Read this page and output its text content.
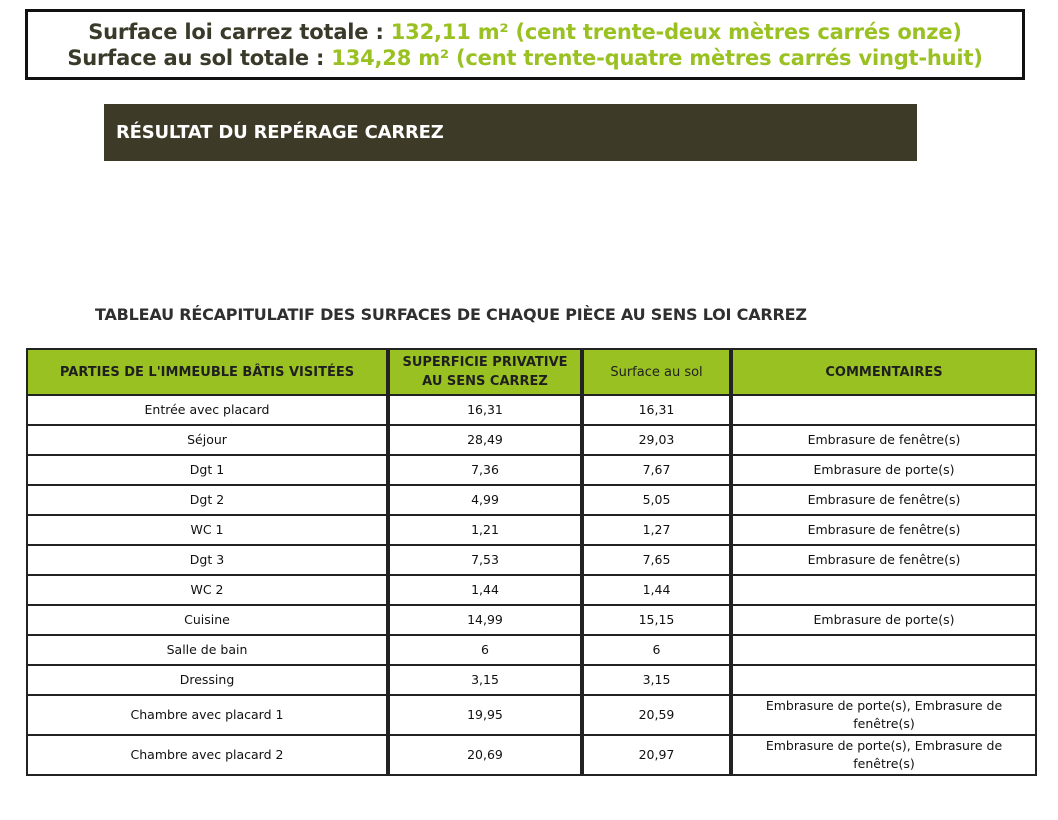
Surface loi carrez totale : 132,11 m² (cent trente-deux mètres carrés onze)
Surface au sol totale : 134,28 m² (cent trente-quatre mètres carrés vingt-huit)
RÉSULTAT DU REPÉRAGE CARREZ
TABLEAU RÉCAPITULATIF DES SURFACES DE CHAQUE PIÈCE AU SENS LOI CARREZ
PARTIES DE L'IMMEUBLE BÂTIS VISITÉES	SUPERFICIE PRIVATIVE AU SENS CARREZ	Surface au sol	COMMENTAIRES
Entrée avec placard	16,31	16,31	
Séjour	28,49	29,03	Embrasure de fenêtre(s)
Dgt 1	7,36	7,67	Embrasure de porte(s)
Dgt 2	4,99	5,05	Embrasure de fenêtre(s)
WC 1	1,21	1,27	Embrasure de fenêtre(s)
Dgt 3	7,53	7,65	Embrasure de fenêtre(s)
WC 2	1,44	1,44	
Cuisine	14,99	15,15	Embrasure de porte(s)
Salle de bain	6	6	
Dressing	3,15	3,15	
Chambre avec placard 1	19,95	20,59	Embrasure de porte(s), Embrasure de fenêtre(s)
Chambre avec placard 2	20,69	20,97	Embrasure de porte(s), Embrasure de fenêtre(s)
